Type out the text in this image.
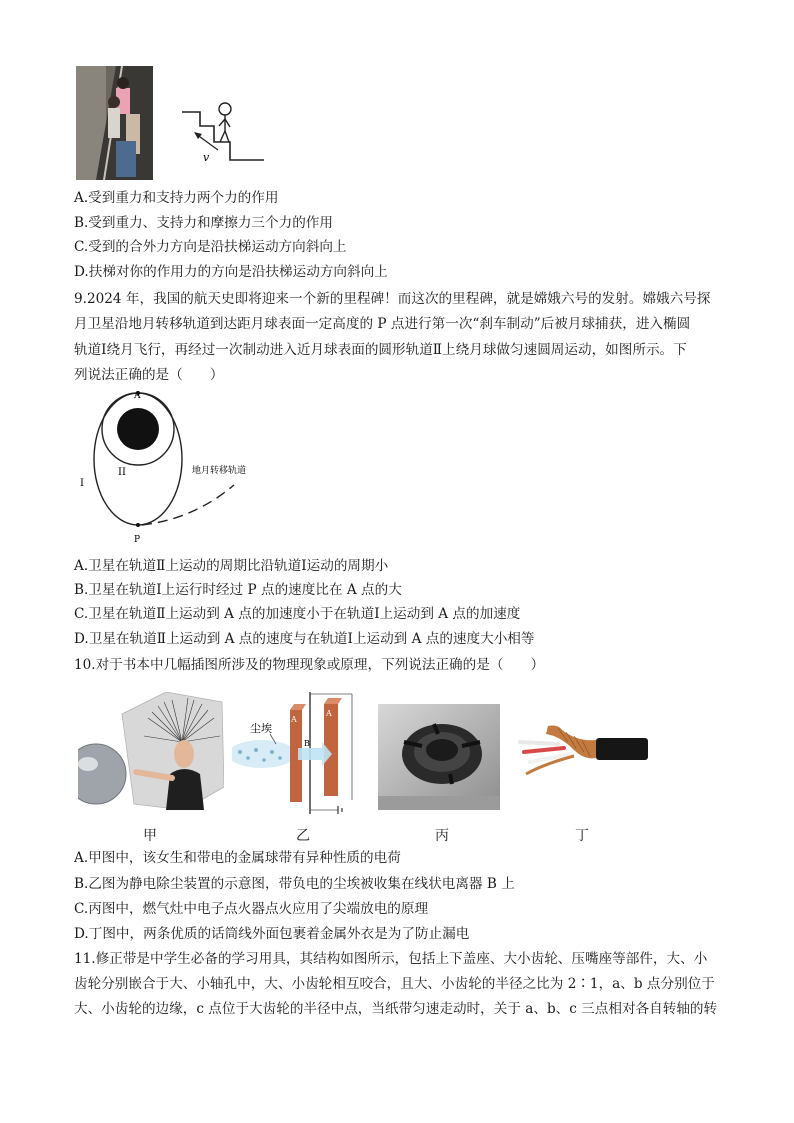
v
A.受到重力和支持力两个力的作用
B.受到重力、支持力和摩擦力三个力的作用
C.受到的合外力方向是沿扶梯运动方向斜向上
D.扶梯对你的作用力的方向是沿扶梯运动方向斜向上
9.2024 年，我国的航天史即将迎来一个新的里程碑！而这次的里程碑，就是嫦娥六号的发射。嫦娥六号探
月卫星沿地月转移轨道到达距月球表面一定高度的 P 点进行第一次“刹车制动”后被月球捕获，进入椭圆
轨道Ⅰ绕月飞行，再经过一次制动进入近月球表面的圆形轨道Ⅱ上绕月球做匀速圆周运动，如图所示。下
列说法正确的是（　　）
A
P
I
II	地月转移轨道
A.卫星在轨道Ⅱ上运动的周期比沿轨道Ⅰ运动的周期小
B.卫星在轨道Ⅰ上运行时经过 P 点的速度比在 A 点的大
C.卫星在轨道Ⅱ上运动到 A 点的加速度小于在轨道Ⅰ上运动到 A 点的加速度
D.卫星在轨道Ⅱ上运动到 A 点的速度与在轨道Ⅰ上运动到 A 点的速度大小相等
10.对于书本中几幅插图所涉及的物理现象或原理，下列说法正确的是（　　）
尘埃
A
A
B
甲	乙	丙	丁
A.甲图中，该女生和带电的金属球带有异种性质的电荷
B.乙图为静电除尘装置的示意图，带负电的尘埃被收集在线状电离器 B 上
C.丙图中，燃气灶中电子点火器点火应用了尖端放电的原理
D.丁图中，两条优质的话筒线外面包裹着金属外衣是为了防止漏电
11.修正带是中学生必备的学习用具，其结构如图所示，包括上下盖座、大小齿轮、压嘴座等部件，大、小
齿轮分别嵌合于大、小轴孔中，大、小齿轮相互咬合，且大、小齿轮的半径之比为 2∶1，a、b 点分别位于
大、小齿轮的边缘，c 点位于大齿轮的半径中点，当纸带匀速走动时，关于 a、b、c 三点相对各自转轴的转
